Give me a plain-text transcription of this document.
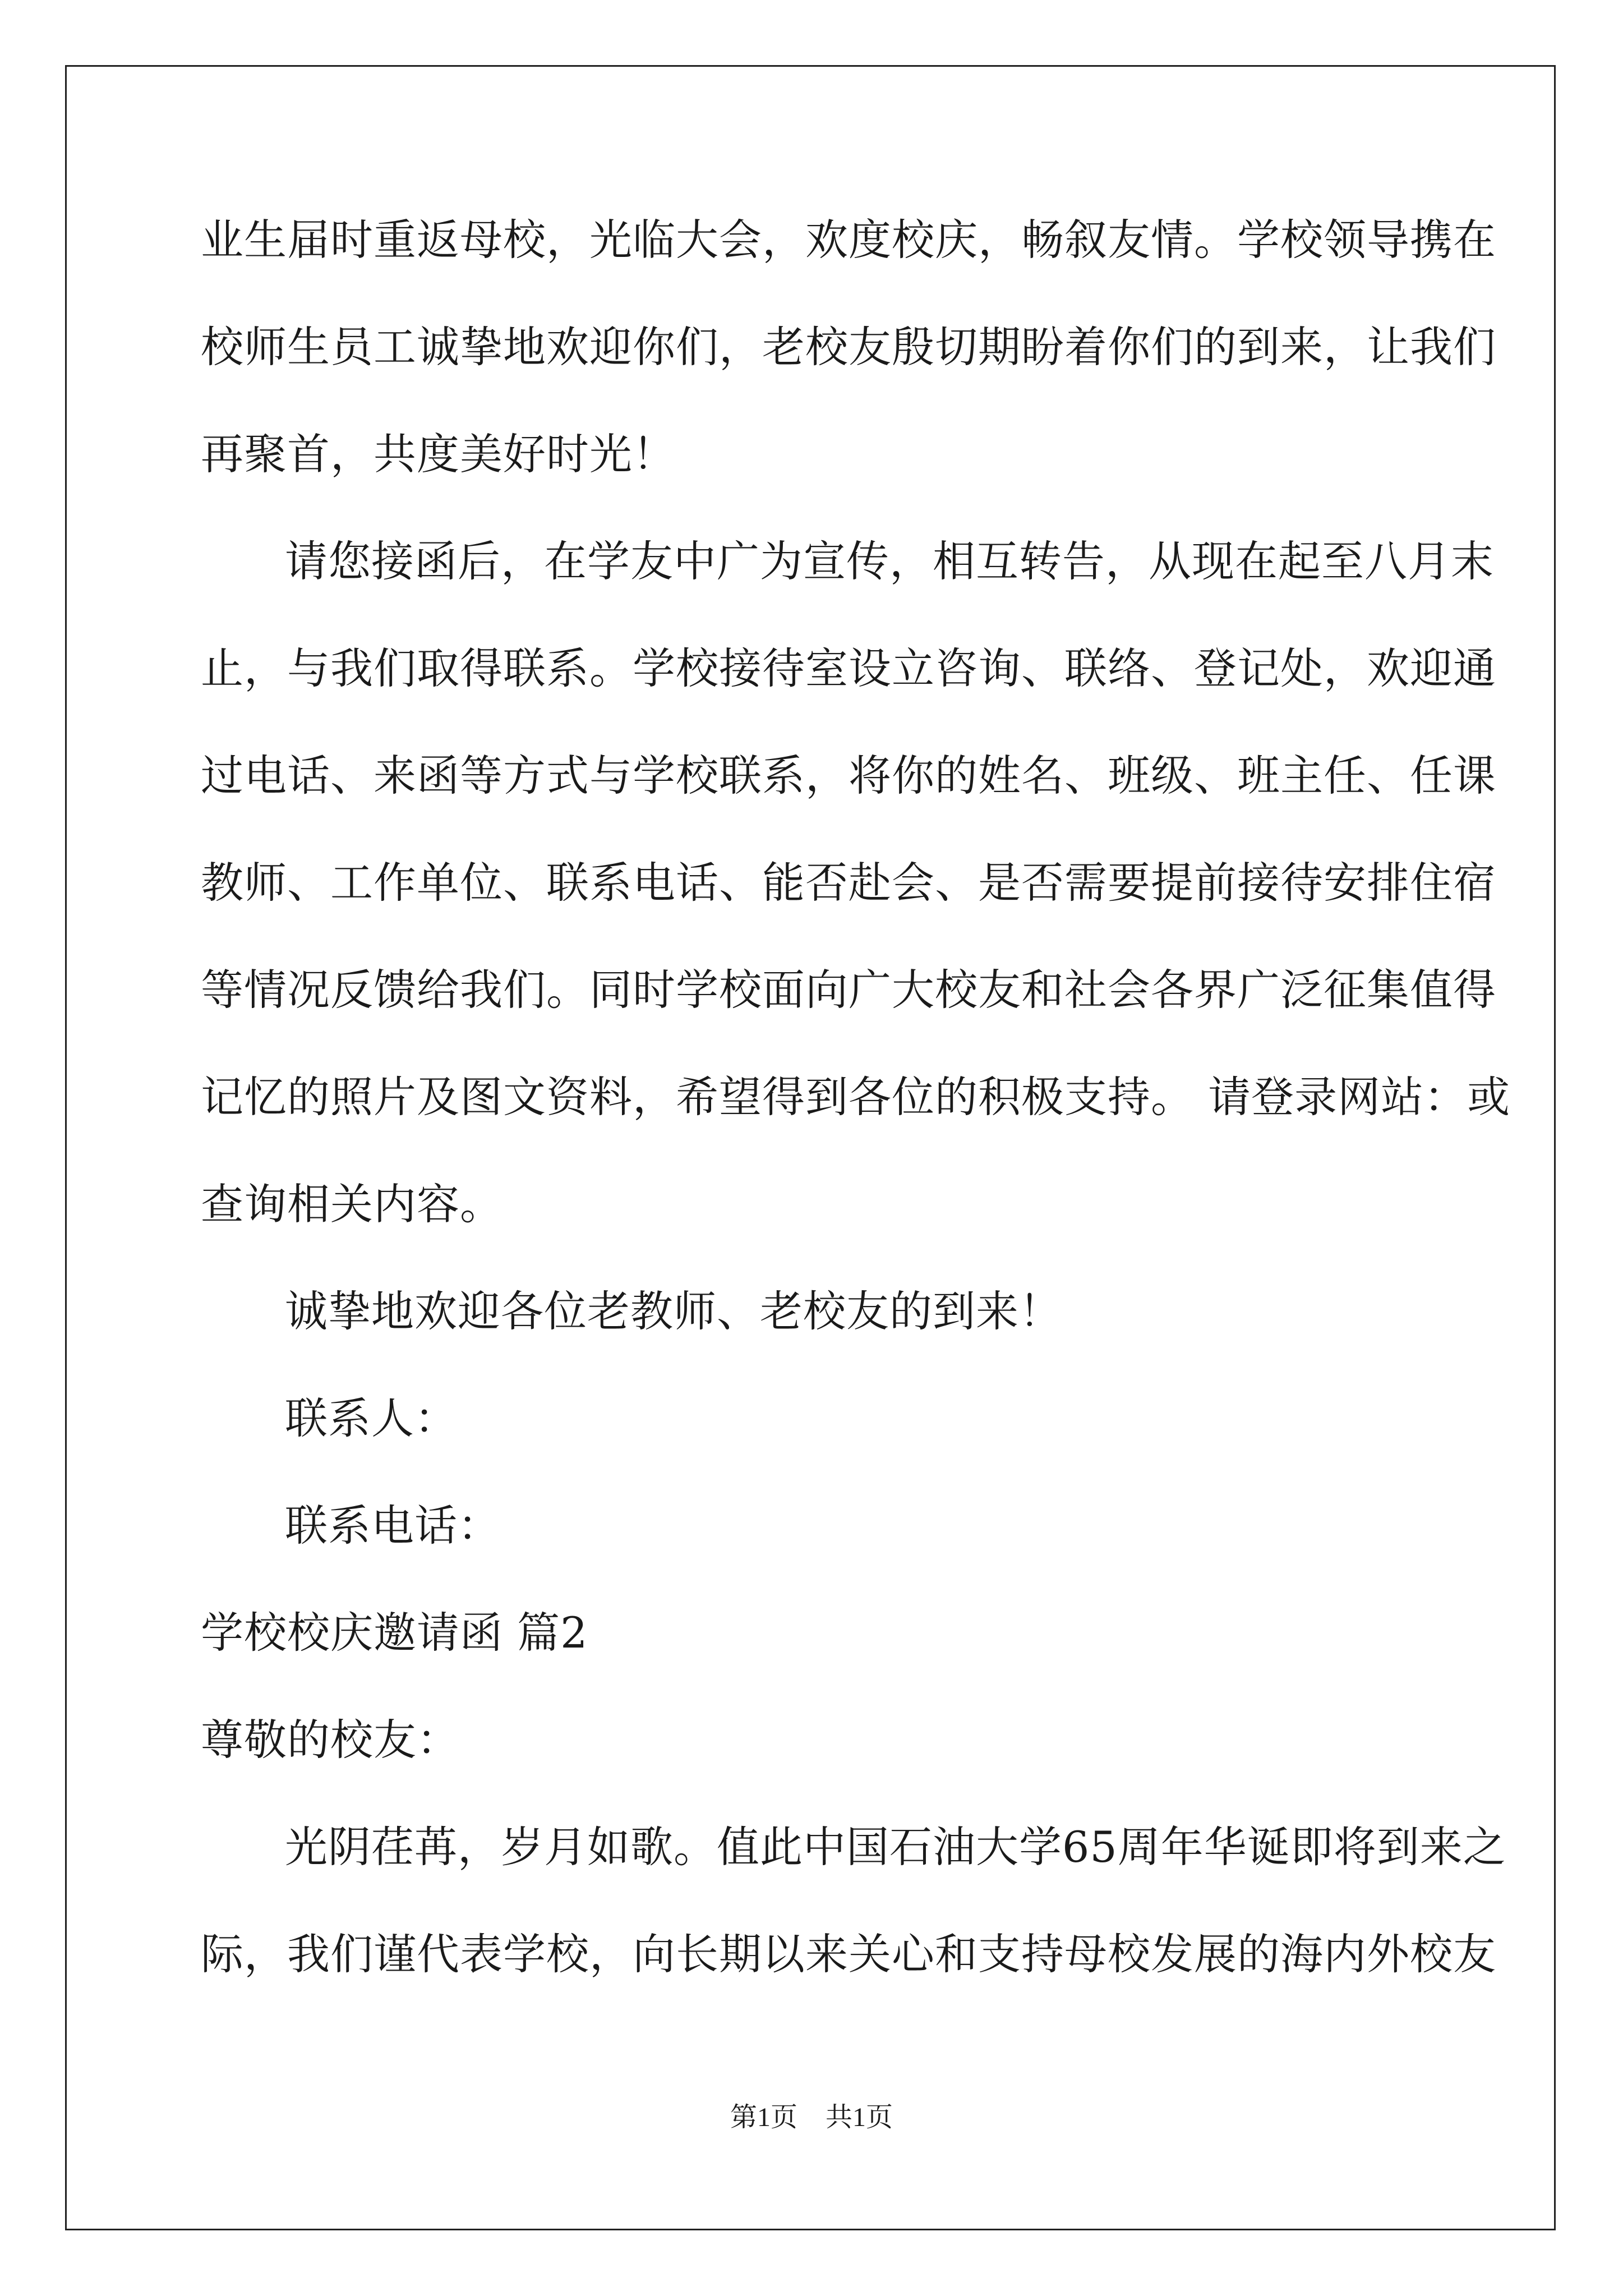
业生届时重返母校，光临大会，欢度校庆，畅叙友情。学校领导携在
校师生员工诚挚地欢迎你们，老校友殷切期盼着你们的到来，让我们
再聚首，共度美好时光！
请您接函后，在学友中广为宣传，相互转告，从现在起至八月末
止，与我们取得联系。学校接待室设立咨询、联络、登记处，欢迎通
过电话、来函等方式与学校联系，将你的姓名、班级、班主任、任课
教师、工作单位、联系电话、能否赴会、是否需要提前接待安排住宿
等情况反馈给我们。同时学校面向广大校友和社会各界广泛征集值得
记忆的照片及图文资料，希望得到各位的积极支持。 请登录网站：或
查询相关内容。
诚挚地欢迎各位老教师、老校友的到来！
联系人：
联系电话：
学校校庆邀请函 篇2
尊敬的校友：
光阴荏苒，岁月如歌。值此中国石油大学65周年华诞即将到来之
际，我们谨代表学校，向长期以来关心和支持母校发展的海内外校友
第1页 共1页
